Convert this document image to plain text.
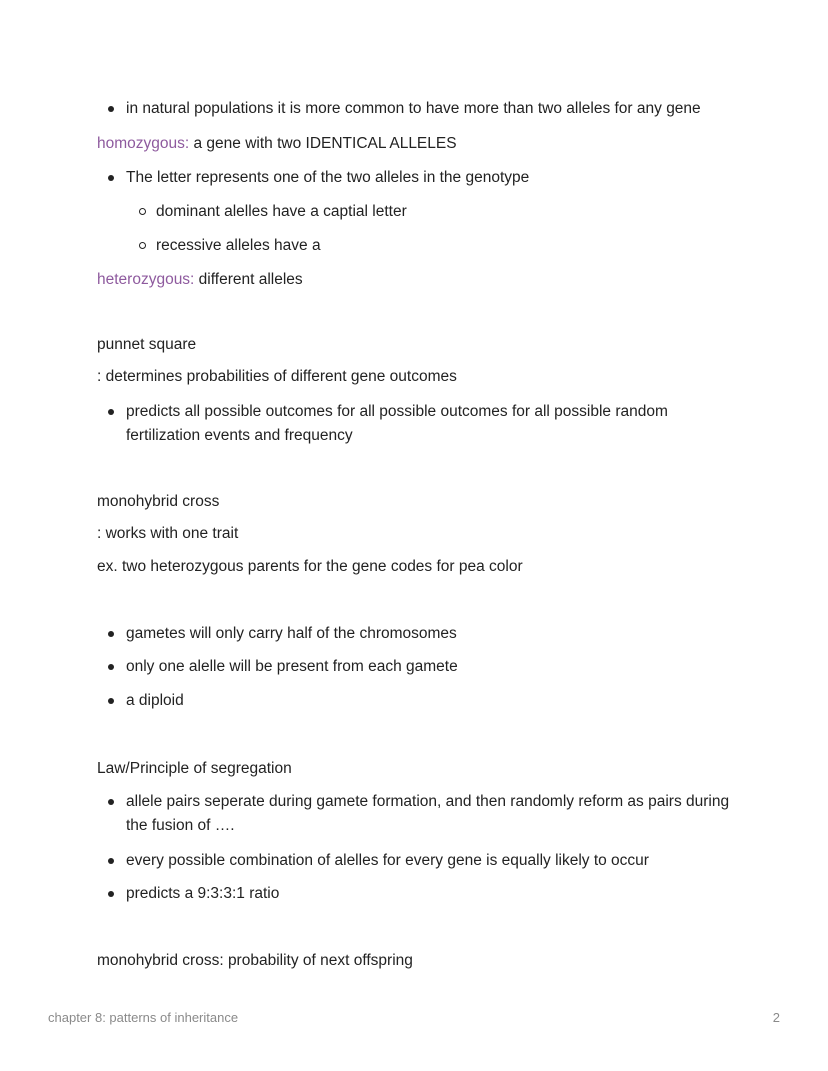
in natural populations it is more common to have more than two alleles for any gene
homozygous: a gene with two IDENTICAL ALLELES
The letter represents one of the two alleles in the genotype
dominant alelles have a captial letter
recessive alleles have a
heterozygous: different alleles
punnet square
: determines probabilities of different gene outcomes
predicts all possible outcomes for all possible outcomes for all possible random fertilization events and frequency
monohybrid cross
: works with one trait
ex. two heterozygous parents for the gene codes for pea color
gametes will only carry half of the chromosomes
only one alelle will be present from each gamete
a diploid
Law/Principle of segregation
allele pairs seperate during gamete formation, and then randomly reform as pairs during the fusion of ….
every possible combination of alelles for every gene is equally likely to occur
predicts a 9:3:3:1 ratio
monohybrid cross: probability of next offspring
chapter 8: patterns of inheritance	2
